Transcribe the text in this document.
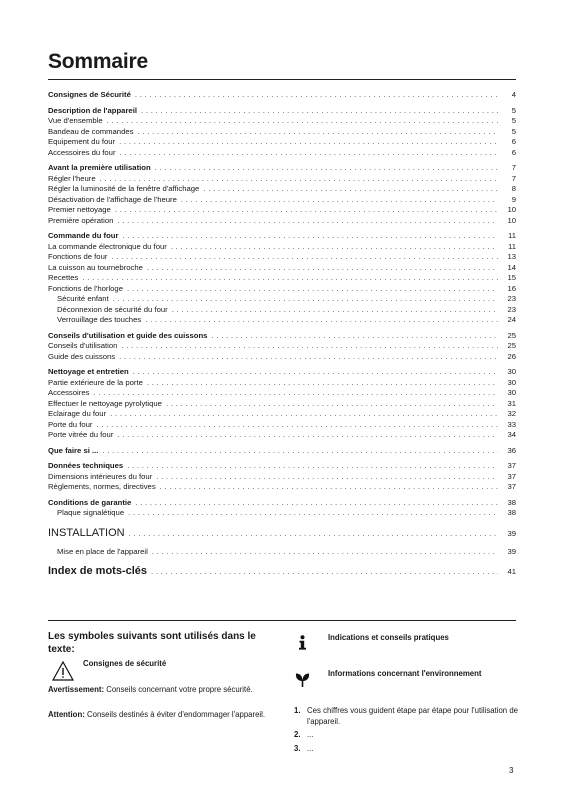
Sommaire
Consignes de Sécurité . . .	4
Description de l'appareil . . .	5
Vue d'ensemble . . .	5
Bandeau de commandes . . .	5
Equipement du four . . .	6
Accessoires du four . . .	6
Avant la première utilisation . . .	7
Régler l'heure . . .	7
Régler la luminosité de la fenêtre d'affichage . . .	8
Désactivation de l'affichage de l'heure . . .	9
Premier nettoyage . . .	10
Première opération . . .	10
Commande du four . . .	11
La commande électronique du four . . .	11
Fonctions de four . . .	13
La cuisson au tournebroche . . .	14
Recettes . . .	15
Fonctions de l'horloge . . .	16
Sécurité enfant . . .	23
Déconnexion de sécurité du four . . .	23
Verrouillage des touches . . .	24
Conseils d'utilisation et guide des cuissons . . .	25
Conseils d'utilisation . . .	25
Guide des cuissons . . .	26
Nettoyage et entretien . . .	30
Partie extérieure de la porte . . .	30
Accessoires . . .	30
Effectuer le nettoyage pyrolytique . . .	31
Eclairage du four . . .	32
Porte du four . . .	33
Porte vitrée du four . . .	34
Que faire si ... . . .	36
Données techniques . . .	37
Dimensions intérieures du four . . .	37
Règlements, normes, directives . . .	37
Conditions de garantie . . .	38
Plaque signalétique . . .	38
INSTALLATION . . .	39
Mise en place de l'appareil . . .	39
Index de mots-clés . . .	41
Les symboles suivants sont utilisés dans le texte:
Consignes de sécurité
Avertissement: Conseils concernant votre propre sécurité.
Attention: Conseils destinés à éviter d'endommager l'appareil.
Indications et conseils pratiques
Informations concernant l'environnement
1. Ces chiffres vous guident étape par étape pour l'utilisation de l'appareil.
2. ...
3. ...
3
